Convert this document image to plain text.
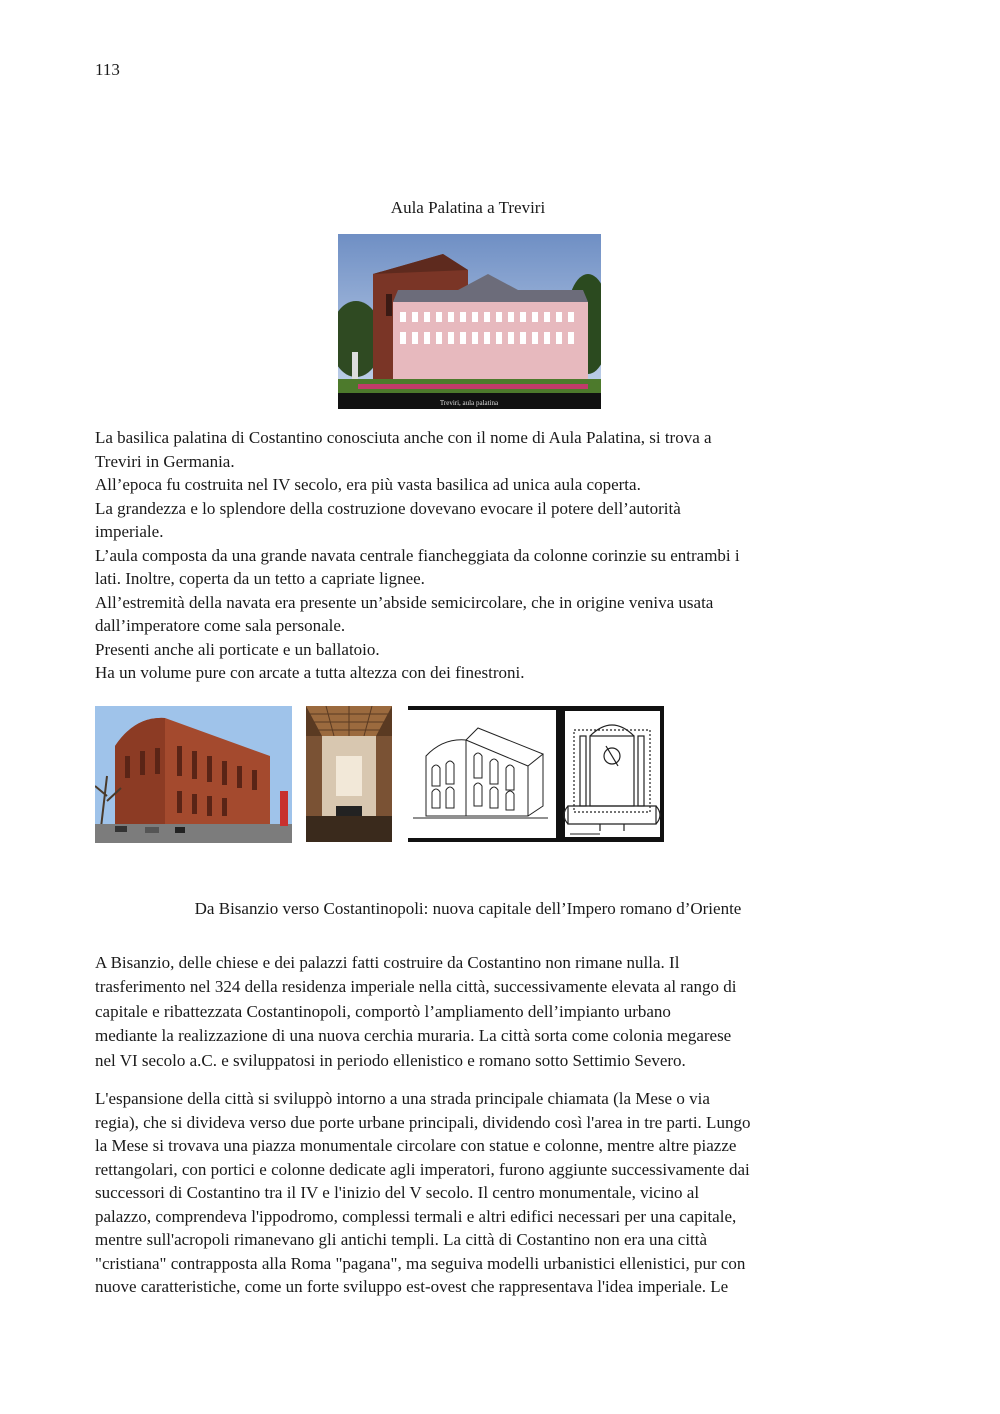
113
Aula Palatina a Treviri
Treviri, aula palatina

La basilica palatina di Costantino conosciuta anche con il nome di Aula Palatina, si trova a
Treviri in Germania.
All’epoca fu costruita nel IV secolo, era più vasta basilica ad unica aula coperta.
La grandezza e lo splendore della costruzione dovevano evocare il potere dell’autorità
imperiale.
L’aula composta da una grande navata centrale fiancheggiata da colonne corinzie su entrambi i
lati. Inoltre, coperta da un tetto a capriate lignee.
All’estremità della navata era presente un’abside semicircolare, che in origine veniva usata
dall’imperatore come sala personale.
Presenti anche ali porticate e un ballatoio.
Ha un volume pure con arcate a tutta altezza con dei finestroni.

Da Bisanzio verso Costantinopoli: nuova capitale dell’Impero romano d’Oriente

A Bisanzio, delle chiese e dei palazzi fatti costruire da Costantino non rimane nulla. Il
trasferimento nel 324 della residenza imperiale nella città, successivamente elevata al rango di
capitale e ribattezzata Costantinopoli, comportò l’ampliamento dell’impianto urbano
mediante la realizzazione di una nuova cerchia muraria. La città sorta come colonia megarese
nel VI secolo a.C. e sviluppatosi in periodo ellenistico e romano sotto Settimio Severo.

L'espansione della città si sviluppò intorno a una strada principale chiamata (la Mese o via
regia), che si divideva verso due porte urbane principali, dividendo così l'area in tre parti. Lungo
la Mese si trovava una piazza monumentale circolare con statue e colonne, mentre altre piazze
rettangolari, con portici e colonne dedicate agli imperatori, furono aggiunte successivamente dai
successori di Costantino tra il IV e l'inizio del V secolo. Il centro monumentale, vicino al
palazzo, comprendeva l'ippodromo, complessi termali e altri edifici necessari per una capitale,
mentre sull'acropoli rimanevano gli antichi templi. La città di Costantino non era una città
"cristiana" contrapposta alla Roma "pagana", ma seguiva modelli urbanistici ellenistici, pur con
nuove caratteristiche, come un forte sviluppo est-ovest che rappresentava l'idea imperiale. Le
